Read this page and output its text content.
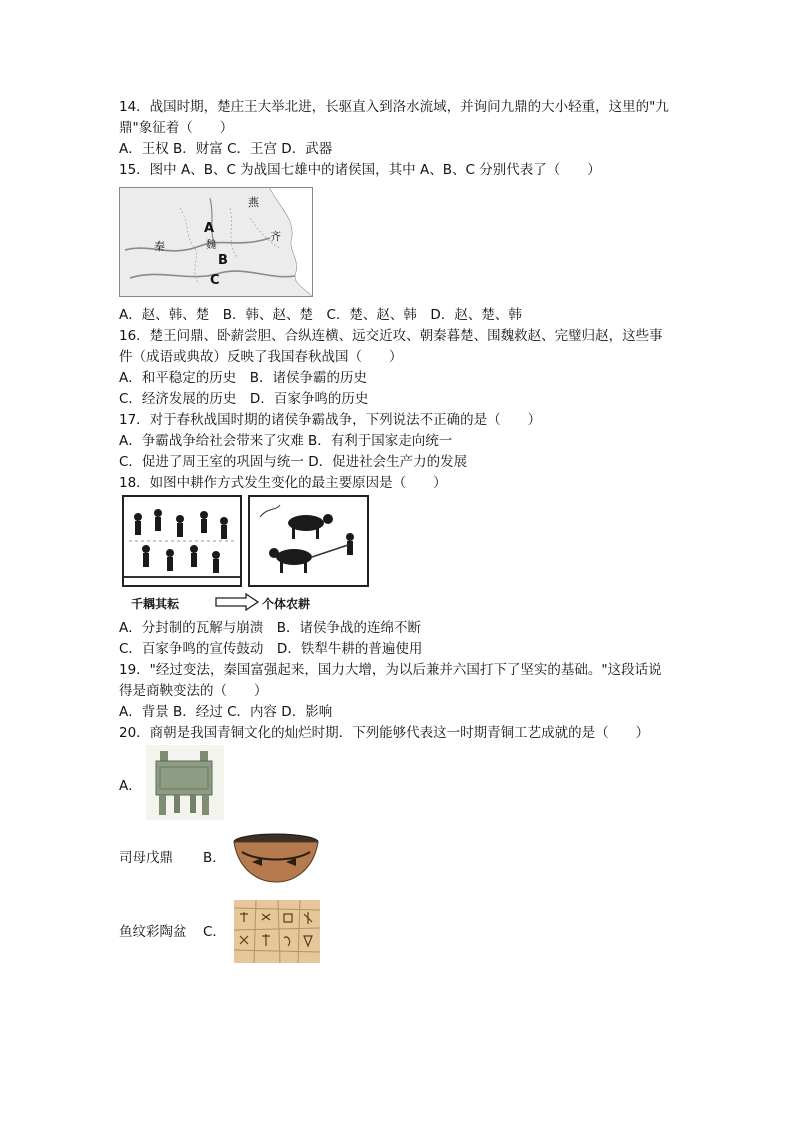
14．战国时期，楚庄王大举北进，长驱直入到洛水流域，并询问九鼎的大小轻重，这里的"九
鼎"象征着（　　）
A．王权 B．财富 C．王宫 D．武器
15．图中 A、B、C 为战国七雄中的诸侯国，其中 A、B、C 分别代表了（　　）
燕
齐
秦	魏
A
B
C
A．赵、韩、楚　B．韩、赵、楚　C．楚、赵、韩　D．赵、楚、韩
16．楚王问鼎、卧薪尝胆、合纵连横、远交近攻、朝秦暮楚、围魏救赵、完璧归赵，这些事
件（成语或典故）反映了我国春秋战国（　　）
A．和平稳定的历史　B．诸侯争霸的历史
C．经济发展的历史　D．百家争鸣的历史
17．对于春秋战国时期的诸侯争霸战争，下列说法不正确的是（　　）
A．争霸战争给社会带来了灾难 B．有利于国家走向统一
C．促进了周王室的巩固与统一 D．促进社会生产力的发展
18．如图中耕作方式发生变化的最主要原因是（　　）
千耦其耘	个体农耕
A．分封制的瓦解与崩溃　B．诸侯争战的连绵不断
C．百家争鸣的宣传鼓动　D．铁犁牛耕的普遍使用
19．"经过变法，秦国富强起来，国力大增，为以后兼并六国打下了坚实的基础。"这段话说
得是商鞅变法的（　　）
A．背景 B．经过 C．内容 D．影响
20．商朝是我国青铜文化的灿烂时期．下列能够代表这一时期青铜工艺成就的是（　　）
A．
司母戊鼎 B．
鱼纹彩陶盆 C．
